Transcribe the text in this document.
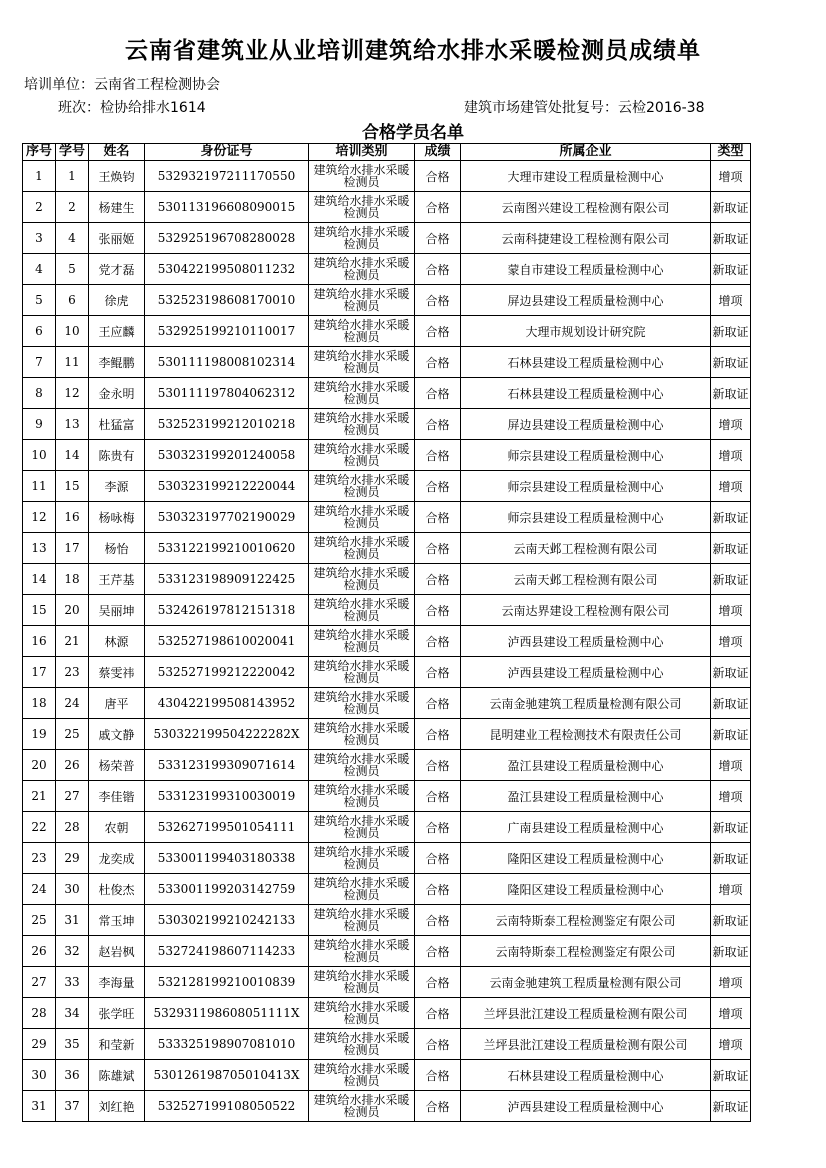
云南省建筑业从业培训建筑给水排水采暖检测员成绩单
培训单位：云南省工程检测协会
班次：检协给排水1614	建筑市场建管处批复号：云检2016-38
合格学员名单
序号	学号	姓名	身份证号	培训类别	成绩	所属企业	类型
1	1	王焕钧	532932197211170550	建筑给水排水采暖检测员	合格	大理市建设工程质量检测中心	增项
2	2	杨建生	530113196608090015	建筑给水排水采暖检测员	合格	云南图兴建设工程检测有限公司	新取证
3	4	张丽姬	532925196708280028	建筑给水排水采暖检测员	合格	云南科捷建设工程检测有限公司	新取证
4	5	党才磊	530422199508011232	建筑给水排水采暖检测员	合格	蒙自市建设工程质量检测中心	新取证
5	6	徐虎	532523198608170010	建筑给水排水采暖检测员	合格	屏边县建设工程质量检测中心	增项
6	10	王应麟	532925199210110017	建筑给水排水采暖检测员	合格	大理市规划设计研究院	新取证
7	11	李鲲鹏	530111198008102314	建筑给水排水采暖检测员	合格	石林县建设工程质量检测中心	新取证
8	12	金永明	530111197804062312	建筑给水排水采暖检测员	合格	石林县建设工程质量检测中心	新取证
9	13	杜猛富	532523199212010218	建筑给水排水采暖检测员	合格	屏边县建设工程质量检测中心	增项
10	14	陈贵有	530323199201240058	建筑给水排水采暖检测员	合格	师宗县建设工程质量检测中心	增项
11	15	李源	530323199212220044	建筑给水排水采暖检测员	合格	师宗县建设工程质量检测中心	增项
12	16	杨咏梅	530323197702190029	建筑给水排水采暖检测员	合格	师宗县建设工程质量检测中心	新取证
13	17	杨怡	533122199210010620	建筑给水排水采暖检测员	合格	云南天邺工程检测有限公司	新取证
14	18	王芹基	533123198909122425	建筑给水排水采暖检测员	合格	云南天邺工程检测有限公司	新取证
15	20	吴丽坤	532426197812151318	建筑给水排水采暖检测员	合格	云南达界建设工程检测有限公司	增项
16	21	林源	532527198610020041	建筑给水排水采暖检测员	合格	泸西县建设工程质量检测中心	增项
17	23	蔡雯祎	532527199212220042	建筑给水排水采暖检测员	合格	泸西县建设工程质量检测中心	新取证
18	24	唐平	430422199508143952	建筑给水排水采暖检测员	合格	云南金驰建筑工程质量检测有限公司	新取证
19	25	戚文静	530322199504222282X	建筑给水排水采暖检测员	合格	昆明建业工程检测技术有限责任公司	新取证
20	26	杨荣普	533123199309071614	建筑给水排水采暖检测员	合格	盈江县建设工程质量检测中心	增项
21	27	李佳锴	533123199310030019	建筑给水排水采暖检测员	合格	盈江县建设工程质量检测中心	增项
22	28	农朝	532627199501054111	建筑给水排水采暖检测员	合格	广南县建设工程质量检测中心	新取证
23	29	龙奕成	533001199403180338	建筑给水排水采暖检测员	合格	隆阳区建设工程质量检测中心	新取证
24	30	杜俊杰	533001199203142759	建筑给水排水采暖检测员	合格	隆阳区建设工程质量检测中心	增项
25	31	常玉坤	530302199210242133	建筑给水排水采暖检测员	合格	云南特斯泰工程检测鉴定有限公司	新取证
26	32	赵岩枫	532724198607114233	建筑给水排水采暖检测员	合格	云南特斯泰工程检测鉴定有限公司	新取证
27	33	李海量	532128199210010839	建筑给水排水采暖检测员	合格	云南金驰建筑工程质量检测有限公司	增项
28	34	张学旺	532931198608051111X	建筑给水排水采暖检测员	合格	兰坪县沘江建设工程质量检测有限公司	增项
29	35	和莹新	533325198907081010	建筑给水排水采暖检测员	合格	兰坪县沘江建设工程质量检测有限公司	增项
30	36	陈雄斌	530126198705010413X	建筑给水排水采暖检测员	合格	石林县建设工程质量检测中心	新取证
31	37	刘红艳	532527199108050522	建筑给水排水采暖检测员	合格	泸西县建设工程质量检测中心	新取证
